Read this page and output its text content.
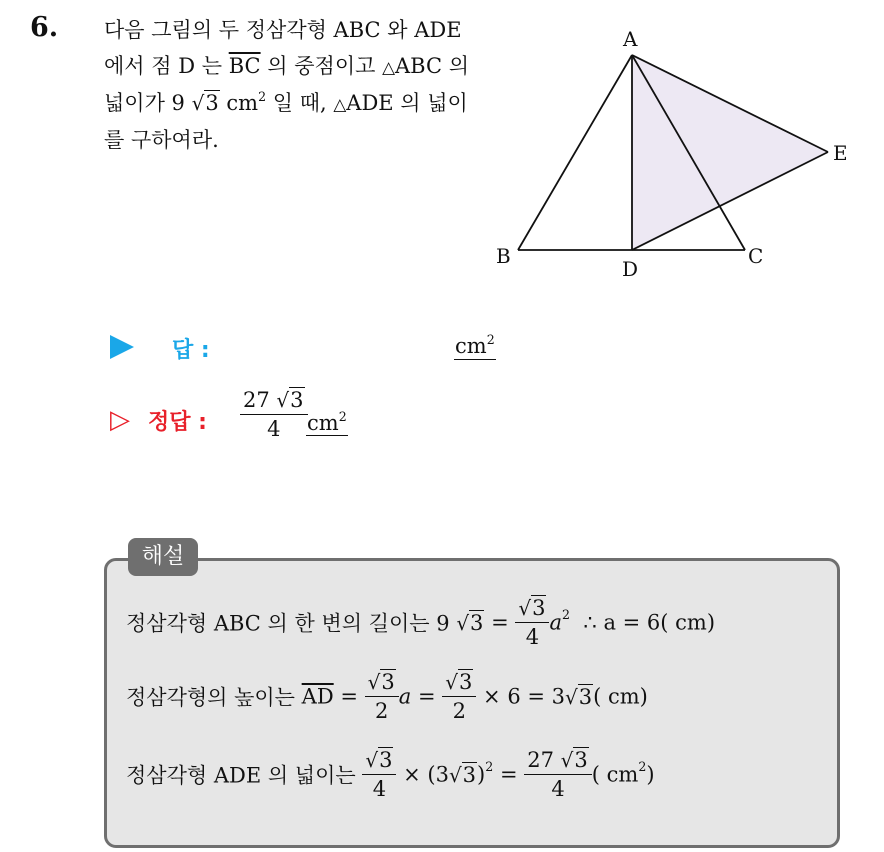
6. 다음 그림의 두 정삼각형 ABC 와 ADE 에서 점 D 는 $\overline{BC}$ 의 중점이고 △ABC 의 넓이가 9 √3 $cm^2$ 일 때, △ADE 의 넓이를 구하여라.
A
B	C
D
E
답 :	$cm^2$
▷ 정답 : $\frac{27 √3}{4} cm^2$
해설
정삼각형 ABC 의 한 변의 길이는 9 $√3 = \frac{√3}{4} a^2$ ∴ a = 6( cm)
정삼각형의 높이는 $\overline{AD} = \frac{√3}{2}$ $a = \frac{√3}{2} \times 6 = 3√3$( cm)
정삼각형 ADE 의 넓이는 $\frac{√3}{4} \times (3√3)^2 = \frac{27 √3}{4}$ ( $cm^2$)
